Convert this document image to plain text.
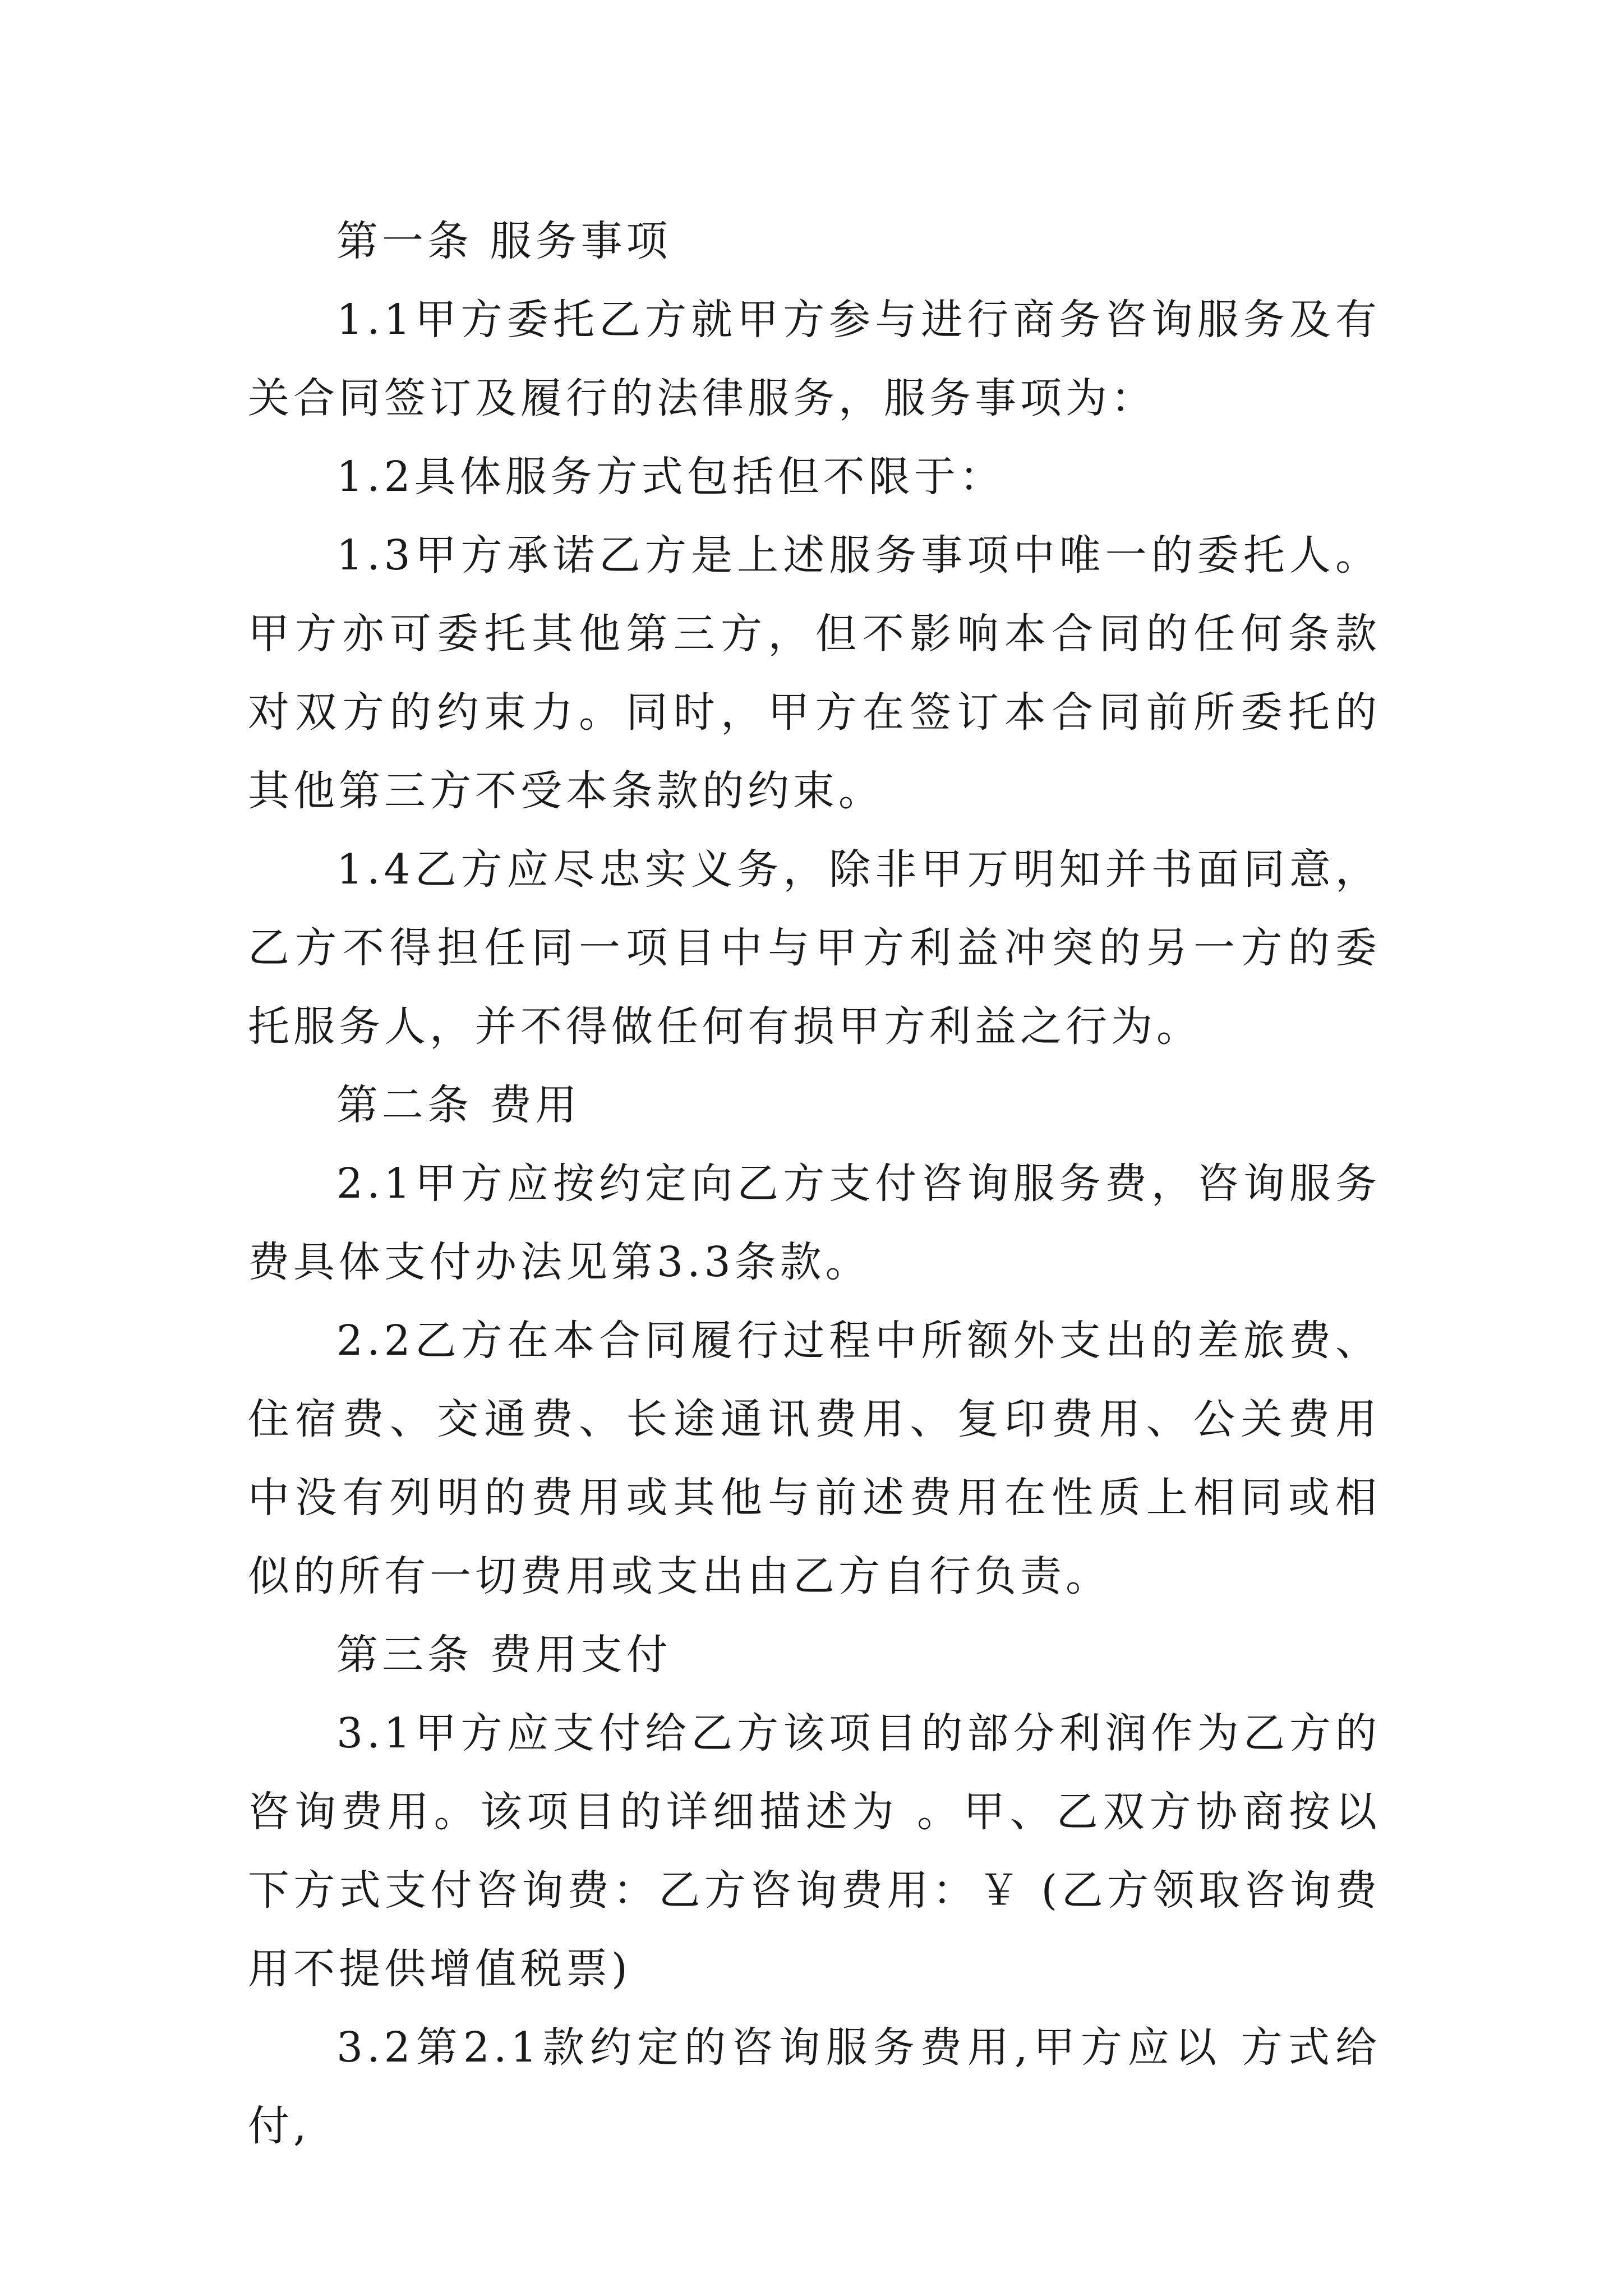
第一条 服务事项

1.1甲方委托乙方就甲方参与进行商务咨询服务及有关合同签订及履行的法律服务，服务事项为：

1.2具体服务方式包括但不限于：

1.3甲方承诺乙方是上述服务事项中唯一的委托人。甲方亦可委托其他第三方，但不影响本合同的任何条款对双方的约束力。同时，甲方在签订本合同前所委托的其他第三方不受本条款的约束。

1.4乙方应尽忠实义务，除非甲万明知并书面同意，乙方不得担任同一项目中与甲方利益冲突的另一方的委托服务人，并不得做任何有损甲方利益之行为。

第二条 费用

2.1甲方应按约定向乙方支付咨询服务费，咨询服务费具体支付办法见第3.3条款。

2.2乙方在本合同履行过程中所额外支出的差旅费、住宿费、交通费、长途通讯费用、复印费用、公关费用中没有列明的费用或其他与前述费用在性质上相同或相似的所有一切费用或支出由乙方自行负责。

第三条 费用支付

3.1甲方应支付给乙方该项目的部分利润作为乙方的咨询费用。该项目的详细描述为 。甲、乙双方协商按以下方式支付咨询费：乙方咨询费用：￥ (乙方领取咨询费用不提供增值税票)

3.2第2.1款约定的咨询服务费用,甲方应以 方式给付,
